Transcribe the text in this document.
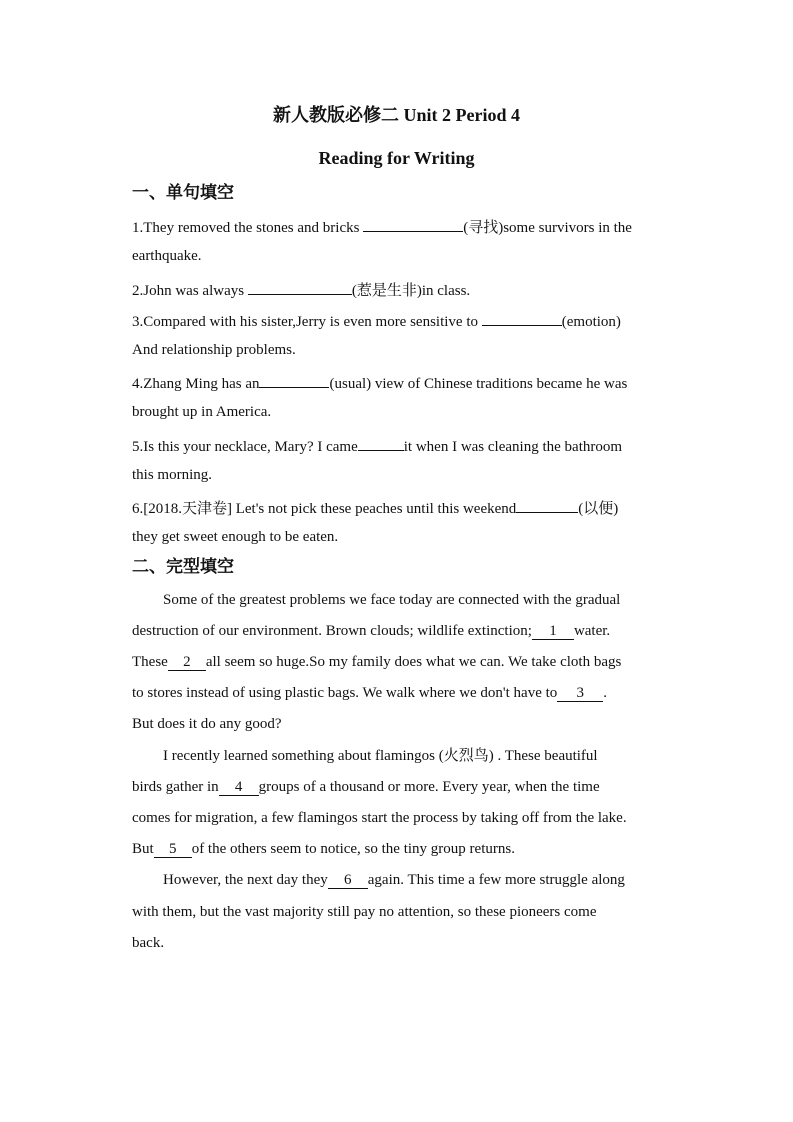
新人教版必修二 Unit 2 Period 4
Reading for Writing
一、单句填空
1.They removed the stones and bricks	(寻找)some survivors in the
earthquake.
2.John was always	(惹是生非)in class.
3.Compared with his sister,Jerry is even more sensitive to	(emotion)
And relationship problems.
4.Zhang Ming has an	(usual) view of Chinese traditions became he was
brought up in America.
5.Is this your necklace, Mary? I came	it when I was cleaning the bathroom
this morning.
6.[2018.天津卷] Let's not pick these peaches until this weekend	(以便)
they get sweet enough to be eaten.
二、完型填空
Some of the greatest problems we face today are connected with the gradual
destruction of our environment. Brown clouds; wildlife extinction; 1 water.
These 2 all seem so huge.So my family does what we can. We take cloth bags
to stores instead of using plastic bags. We walk where we don't have to 3 .
But does it do any good?
I recently learned something about flamingos (火烈鸟) . These beautiful
birds gather in 4 groups of a thousand or more. Every year, when the time
comes for migration, a few flamingos start the process by taking off from the lake.
But 5 of the others seem to notice, so the tiny group returns.
However, the next day they 6 again. This time a few more struggle along
with them, but the vast majority still pay no attention, so these pioneers come
back.
